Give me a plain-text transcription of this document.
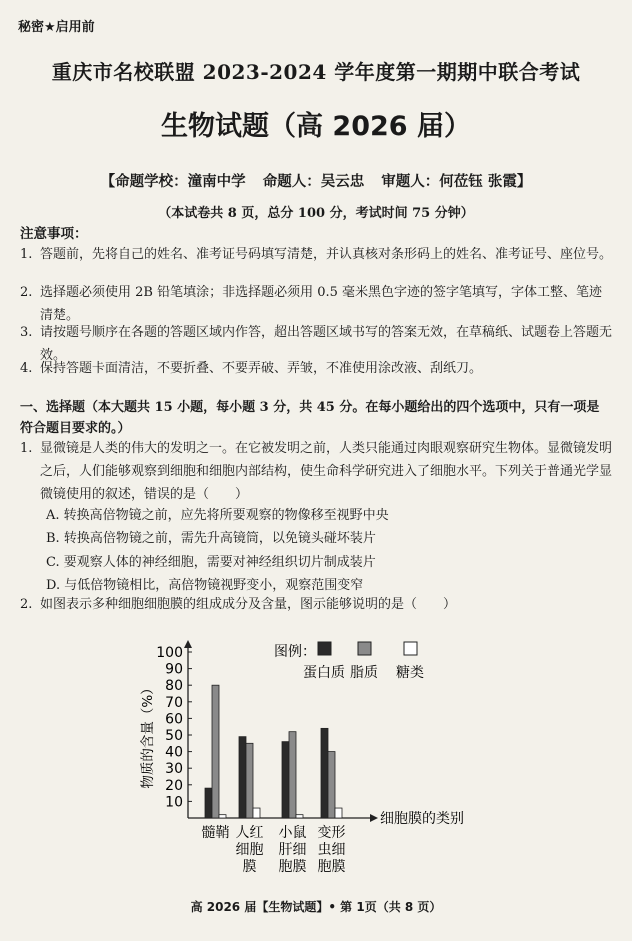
秘密★启用前
重庆市名校联盟 2023-2024 学年度第一期期中联合考试
生物试题（高 2026 届）
【命题学校：潼南中学 命题人：吴云忠 审题人：何莅钰 张霞】
（本试卷共 8 页，总分 100 分，考试时间 75 分钟）
注意事项：
1. 答题前，先将自己的姓名、准考证号码填写清楚，并认真核对条形码上的姓名、准考证号、座位号。
2. 选择题必须使用 2B 铅笔填涂；非选择题必须用 0.5 毫米黑色字迹的签字笔填写，字体工整、笔迹清楚。
3. 请按题号顺序在各题的答题区域内作答，超出答题区域书写的答案无效，在草稿纸、试题卷上答题无效。
4. 保持答题卡面清洁，不要折叠、不要弄破、弄皱，不准使用涂改液、刮纸刀。
一、选择题（本大题共 15 小题，每小题 3 分，共 45 分。在每小题给出的四个选项中，只有一项是符合题目要求的。）
1. 显微镜是人类的伟大的发明之一。在它被发明之前，人类只能通过肉眼观察研究生物体。显微镜发明之后，人们能够观察到细胞和细胞内部结构，使生命科学研究进入了细胞水平。下列关于普通光学显微镜使用的叙述，错误的是（　　）
A. 转换高倍物镜之前，应先将所要观察的物像移至视野中央
B. 转换高倍物镜之前，需先升高镜筒，以免镜头碰坏装片
C. 要观察人体的神经细胞，需要对神经组织切片制成装片
D. 与低倍物镜相比，高倍物镜视野变小，观察范围变窄
2. 如图表示多种细胞细胞膜的组成成分及含量，图示能够说明的是（　　）
10
20
30
40
50
60
70
80
90
100
物质的含量（%）
髓鞘 人红
细胞
膜
小鼠
肝细
胞膜
变形
虫细
胞膜
细胞膜的类别
图例：
蛋白质 脂质 糖类
高 2026 届【生物试题】• 第 1页（共 8 页）
